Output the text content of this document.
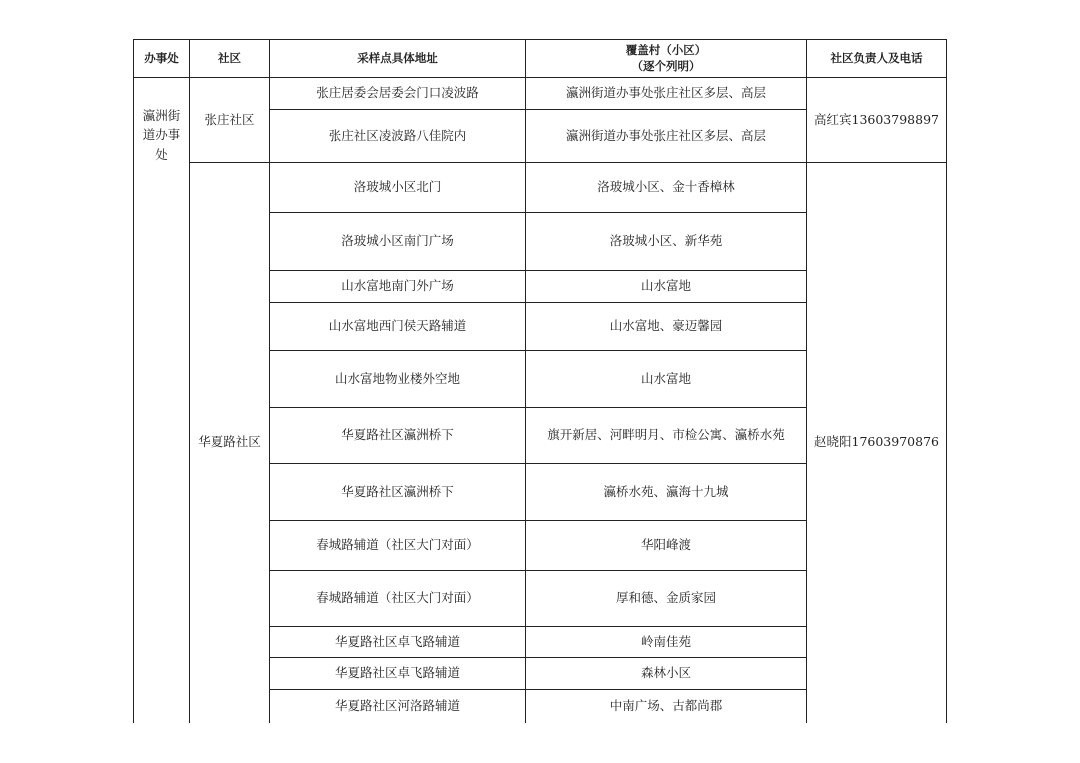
办事处	社区	采样点具体地址	覆盖村（小区）
（逐个列明）	社区负责人及电话
瀛洲街道办事处	张庄社区	张庄居委会居委会门口凌波路	瀛洲街道办事处张庄社区多层、高层	高红宾13603798897
		张庄社区凌波路八佳院内	瀛洲街道办事处张庄社区多层、高层	
	华夏路社区	洛玻城小区北门	洛玻城小区、金十香樟林	赵晓阳17603970876
		洛玻城小区南门广场	洛玻城小区、新华苑	
		山水富地南门外广场	山水富地	
		山水富地西门侯天路辅道	山水富地、豪迈馨园	
		山水富地物业楼外空地	山水富地	
		华夏路社区瀛洲桥下	旗开新居、河畔明月、市检公寓、瀛桥水苑	
		华夏路社区瀛洲桥下	瀛桥水苑、瀛海十九城	
		春城路辅道（社区大门对面）	华阳峰渡	
		春城路辅道（社区大门对面）	厚和德、金质家园	
		华夏路社区卓飞路辅道	岭南佳苑	
		华夏路社区卓飞路辅道	森林小区	
		华夏路社区河洛路辅道	中南广场、古都尚郡	
